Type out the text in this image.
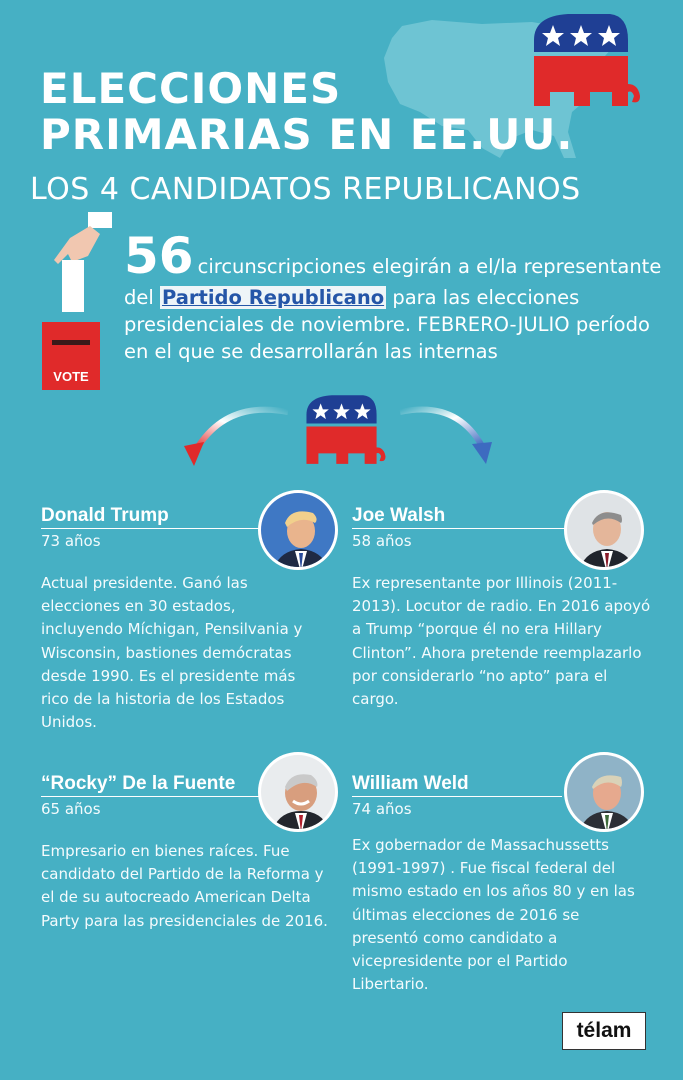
ELECCIONES
PRIMARIAS EN EE.UU.
LOS 4 CANDIDATOS REPUBLICANOS
VOTE
56 circunscripciones elegirán a el/la representante del Partido Republicano para las elecciones presidenciales de noviembre. FEBRERO-JULIO período en el que se desarrollarán las internas
Donald Trump
73 años
Actual presidente. Ganó las elecciones en 30 estados, incluyendo Míchigan, Pensilvania y Wisconsin, bastiones demócratas desde 1990. Es el presidente más rico de la historia de los Estados Unidos.
Joe Walsh
58 años
Ex representante por Illinois (2011-2013). Locutor de radio. En 2016 apoyó a Trump “porque él no era Hillary Clinton”. Ahora pretende reemplazarlo por considerarlo “no apto” para el cargo.
“Rocky” De la Fuente
65 años
Empresario en bienes raíces. Fue candidato del Partido de la Reforma y el de su autocreado American Delta Party para las presidenciales de 2016.
William Weld
74 años
Ex gobernador de Massachussetts (1991-1997) . Fue fiscal federal del mismo estado en los años 80 y en las últimas elecciones de 2016 se presentó como candidato a vicepresidente por el Partido Libertario.
télam
